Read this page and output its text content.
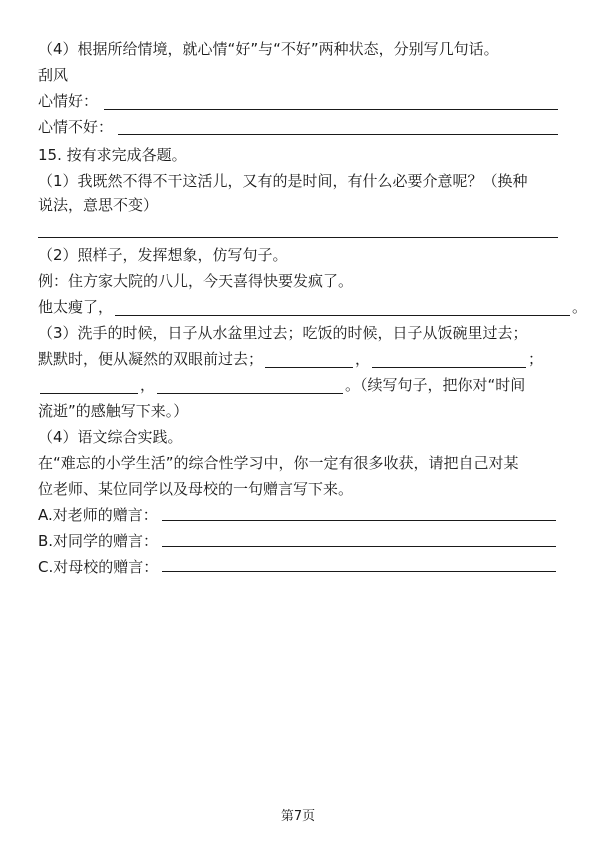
（4）根据所给情境，就心情“好”与“不好”两种状态，分别写几句话。
刮风
心情好：
心情不好：
15. 按有求完成各题。
（1）我既然不得不干这活儿，又有的是时间，有什么必要介意呢？（换种
说法，意思不变）
（2）照样子，发挥想象，仿写句子。
例：住方家大院的八儿，今天喜得快要发疯了。
他太瘦了，	。
（3）洗手的时候，日子从水盆里过去；吃饭的时候，日子从饭碗里过去；
默默时，便从凝然的双眼前过去；	，	；
，	。（续写句子，把你对“时间
流逝”的感触写下来。）
（4）语文综合实践。
在“难忘的小学生活”的综合性学习中，你一定有很多收获，请把自己对某
位老师、某位同学以及母校的一句赠言写下来。
A.对老师的赠言：
B.对同学的赠言：
C.对母校的赠言：
第7页
